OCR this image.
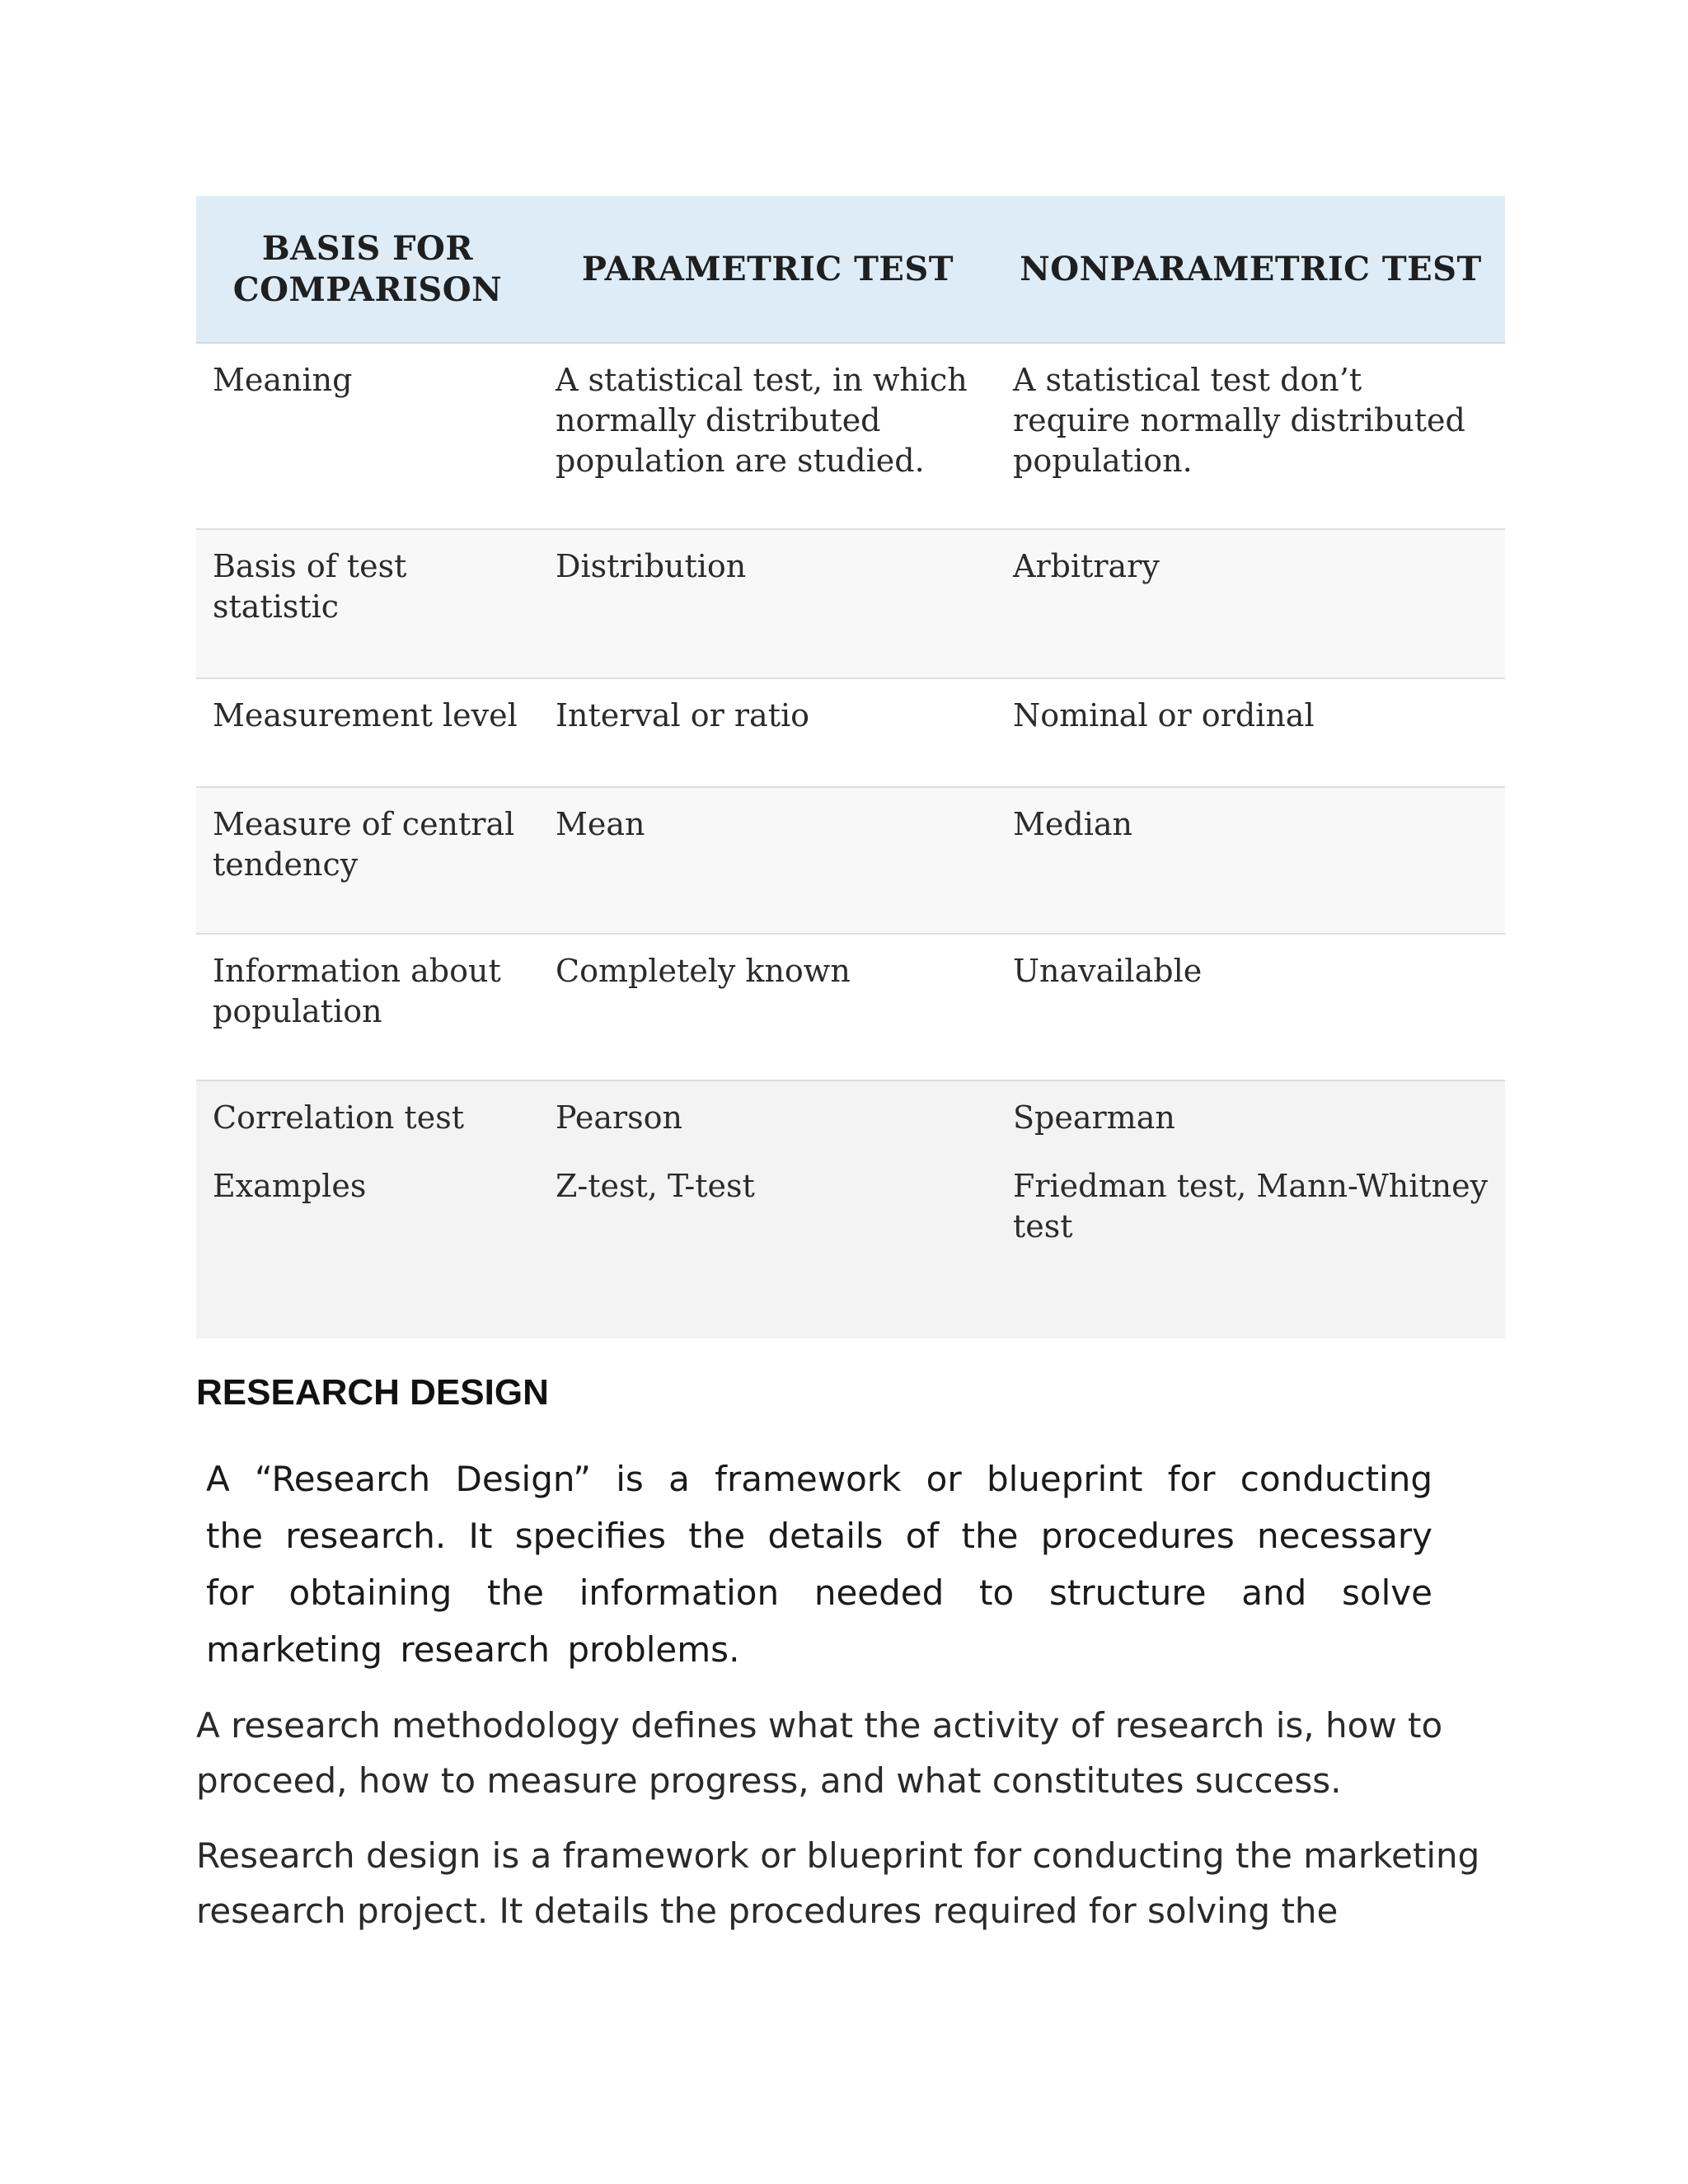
BASIS FOR COMPARISON	PARAMETRIC TEST	NONPARAMETRIC TEST
Meaning	A statistical test, in which normally distributed population are studied.	A statistical test don’t require normally distributed population.
Basis of test statistic	Distribution	Arbitrary
Measurement level	Interval or ratio	Nominal or ordinal
Measure of central tendency	Mean	Median
Information about population	Completely known	Unavailable
Correlation test	Pearson	Spearman
Examples	Z-test, T-test	Friedman test, Mann-Whitney test
RESEARCH DESIGN

A “Research Design” is a framework or blueprint for conducting the research. It specifies the details of the procedures necessary for obtaining the information needed to structure and solve marketing research problems.

A research methodology defines what the activity of research is, how to proceed, how to measure progress, and what constitutes success.

Research design is a framework or blueprint for conducting the marketing research project. It details the procedures required for solving the
